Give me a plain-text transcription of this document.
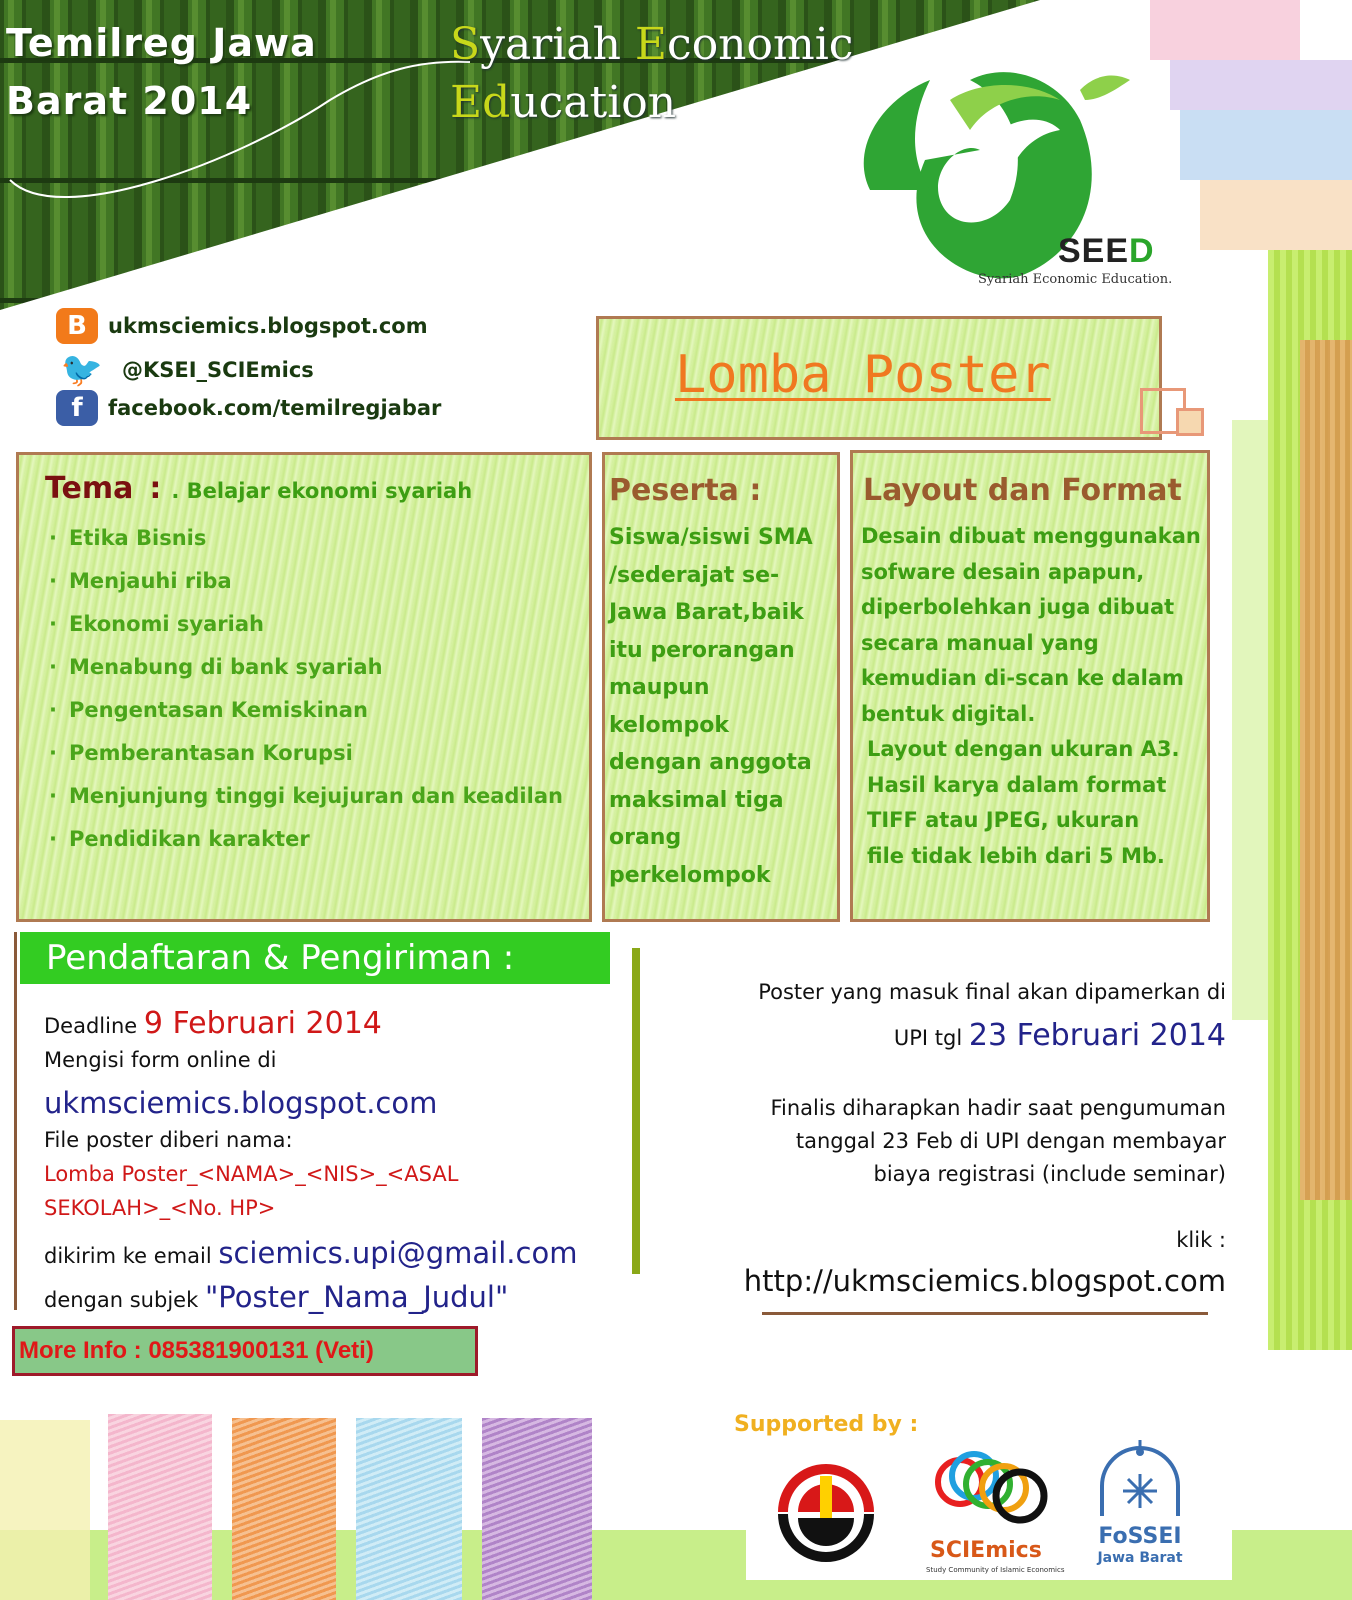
Temilreg Jawa
Barat 2014
Syariah Economic
Education
SEED
Syariah Economic Education.
B	ukmsciemics.blogspot.com
🐦 @KSEI_SCIEmics
f	facebook.com/temilregjabar
Lomba Poster
Tema : . Belajar ekonomi syariah
· Etika Bisnis
· Menjauhi riba
· Ekonomi syariah
· Menabung di bank syariah
· Pengentasan Kemiskinan
· Pemberantasan Korupsi
· Menjunjung tinggi kejujuran dan keadilan
· Pendidikan karakter
Peserta :
Siswa/siswi SMA
/sederajat se-
Jawa Barat,baik
itu perorangan
maupun kelompok
dengan anggota
maksimal tiga
orang
perkelompok
Layout dan Format
Desain dibuat menggunakan
sofware desain apapun,
diperbolehkan juga dibuat
secara manual yang
kemudian di-scan ke dalam
bentuk digital.
Layout dengan ukuran A3.
Hasil karya dalam format
TIFF atau JPEG, ukuran
file tidak lebih dari 5 Mb.
Pendaftaran & Pengiriman :
Deadline 9 Februari 2014
Mengisi form online di
ukmsciemics.blogspot.com
File poster diberi nama:
Lomba Poster_<NAMA>_<NIS>_<ASAL
SEKOLAH>_<No. HP>
dikirim ke email sciemics.upi@gmail.com
dengan subjek "Poster_Nama_Judul"
Poster yang masuk final akan dipamerkan di
UPI tgl 23 Februari 2014
Finalis diharapkan hadir saat pengumuman
tanggal 23 Feb di UPI dengan membayar
biaya registrasi (include seminar)
klik :
http://ukmsciemics.blogspot.com
More Info : 085381900131 (Veti)
Supported by :
SCIEmics
Study Community of Islamic Economics
FoSSEI
Jawa Barat
